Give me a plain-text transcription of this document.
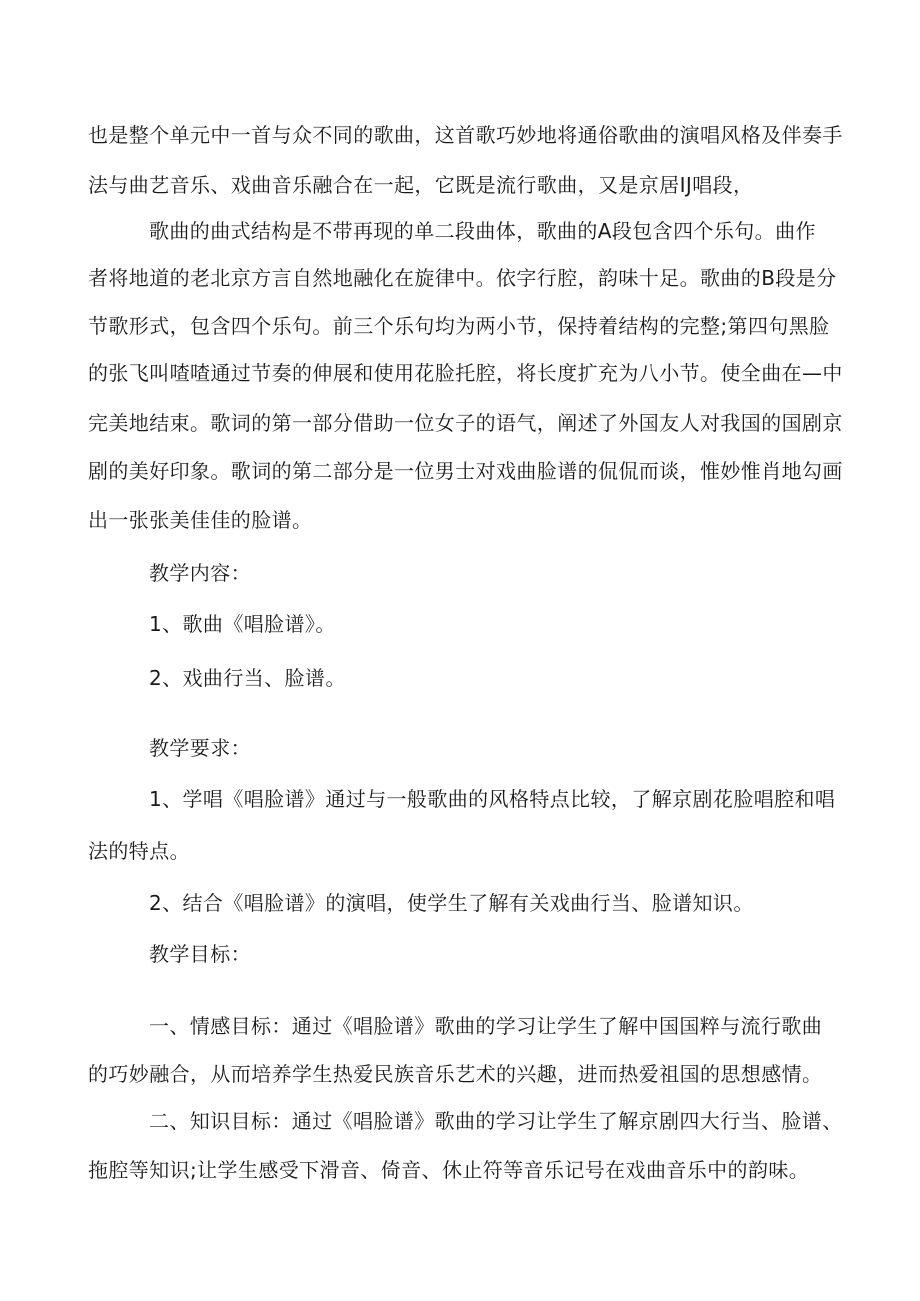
也是整个单元中一首与众不同的歌曲，这首歌巧妙地将通俗歌曲的演唱风格及伴奏手
法与曲艺音乐、戏曲音乐融合在一起，它既是流行歌曲，又是京居IJ唱段，
歌曲的曲式结构是不带再现的单二段曲体，歌曲的A段包含四个乐句。曲作
者将地道的老北京方言自然地融化在旋律中。依字行腔，韵味十足。歌曲的B段是分
节歌形式，包含四个乐句。前三个乐句均为两小节，保持着结构的完整;第四句黑脸
的张飞叫喳喳通过节奏的伸展和使用花脸托腔，将长度扩充为八小节。使全曲在—中
完美地结束。歌词的第一部分借助一位女子的语气，阐述了外国友人对我国的国剧京
剧的美好印象。歌词的第二部分是一位男士对戏曲脸谱的侃侃而谈，惟妙惟肖地勾画
出一张张美佳佳的脸谱。
教学内容：
1、歌曲《唱脸谱》。
2、戏曲行当、脸谱。
教学要求：
1、学唱《唱脸谱》通过与一般歌曲的风格特点比较，了解京剧花脸唱腔和唱
法的特点。
2、结合《唱脸谱》的演唱，使学生了解有关戏曲行当、脸谱知识。
教学目标：
一、情感目标：通过《唱脸谱》歌曲的学习让学生了解中国国粹与流行歌曲
的巧妙融合，从而培养学生热爱民族音乐艺术的兴趣，进而热爱祖国的思想感情。
二、知识目标：通过《唱脸谱》歌曲的学习让学生了解京剧四大行当、脸谱、
拖腔等知识;让学生感受下滑音、倚音、休止符等音乐记号在戏曲音乐中的韵味。
